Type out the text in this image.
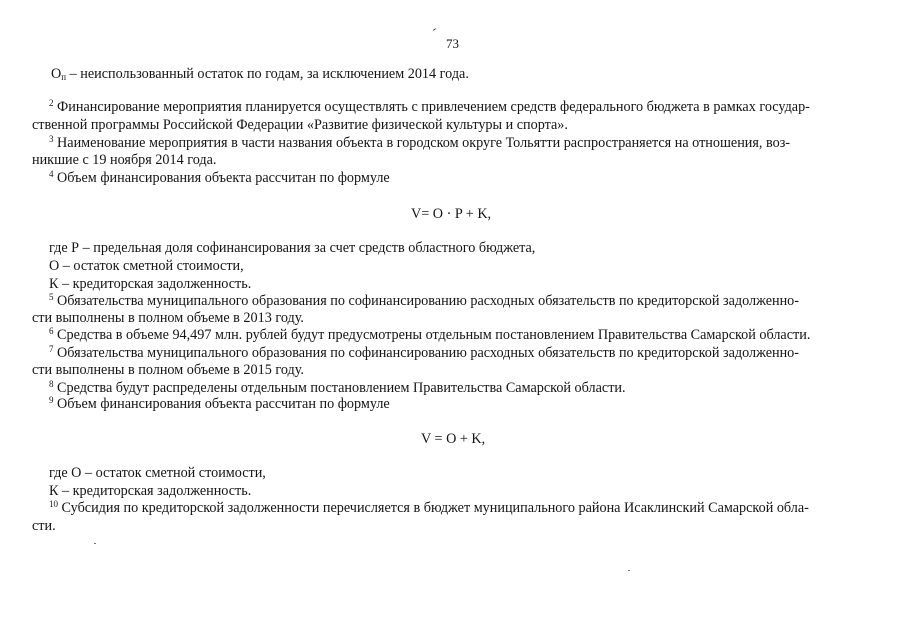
73
$О_п$ – неиспользованный остаток по годам, за исключением 2014 года.
$^2$ Финансирование мероприятия планируется осуществлять с привлечением средств федерального бюджета в рамках государ-
ственной программы Российской Федерации «Развитие физической культуры и спорта».
$^3$ Наименование мероприятия в части названия объекта в городском округе Тольятти распространяется на отношения, воз-
никшие с 19 ноября 2014 года.
$^4$ Объем финансирования объекта рассчитан по формуле
V= O · P + K,
где Р – предельная доля софинансирования за счет средств областного бюджета,
О – остаток сметной стоимости,
К – кредиторская задолженность.
$^5$ Обязательства муниципального образования по софинансированию расходных обязательств по кредиторской задолженно-
сти выполнены в полном объеме в 2013 году.
$^6$ Средства в объеме 94,497 млн. рублей будут предусмотрены отдельным постановлением Правительства Самарской области.
$^7$ Обязательства муниципального образования по софинансированию расходных обязательств по кредиторской задолженно-
сти выполнены в полном объеме в 2015 году.
$^8$ Средства будут распределены отдельным постановлением Правительства Самарской области.
$^9$ Объем финансирования объекта рассчитан по формуле
V = O + K,
где О – остаток сметной стоимости,
К – кредиторская задолженность.
$^{10}$ Субсидия по кредиторской задолженности перечисляется в бюджет муниципального района Исаклинский Самарской обла-
сти.
